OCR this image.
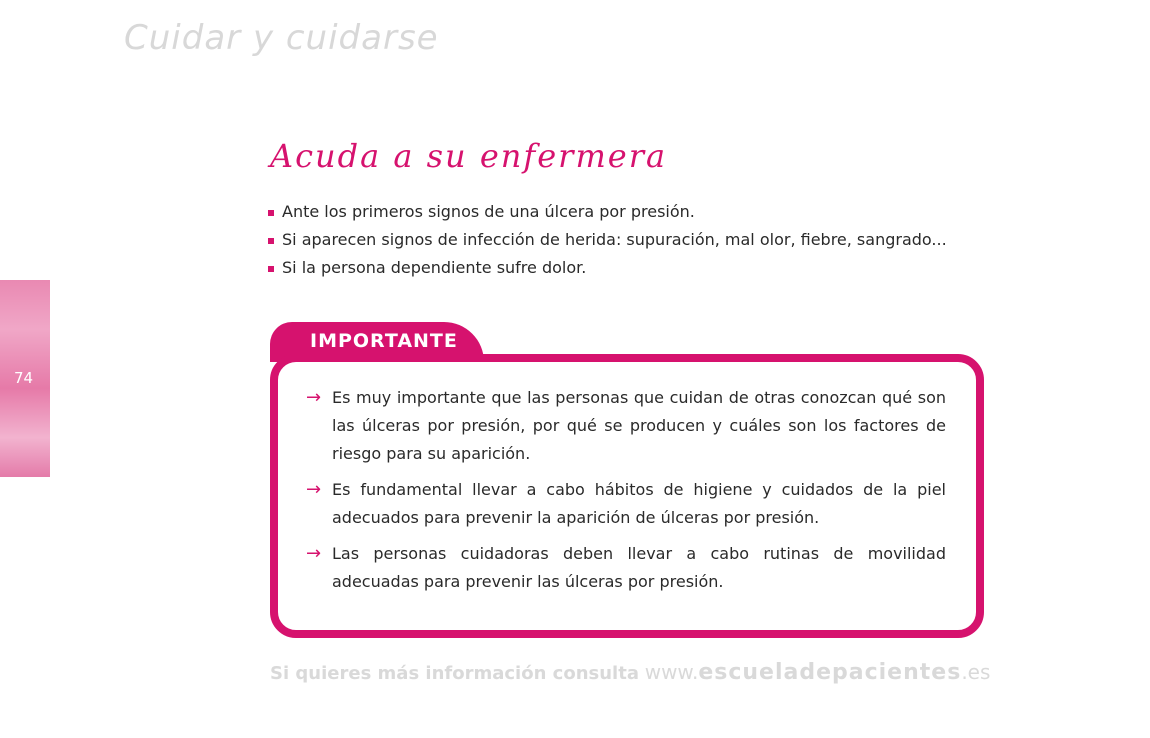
Cuidar y cuidarse
74
Acuda a su enfermera
Ante los primeros signos de una úlcera por presión.
Si aparecen signos de infección de herida: supuración, mal olor, fiebre, sangrado...
Si la persona dependiente sufre dolor.
IMPORTANTE
→ Es muy importante que las personas que cuidan de otras conozcan qué son las úlceras por presión, por qué se producen y cuáles son los factores de riesgo para su aparición.
→ Es fundamental llevar a cabo hábitos de higiene y cuidados de la piel adecuados para prevenir la aparición de úlceras por presión.
→ Las personas cuidadoras deben llevar a cabo rutinas de movilidad adecuadas para prevenir las úlceras por presión.
Si quieres más información consulta www.escueladepacientes.es
